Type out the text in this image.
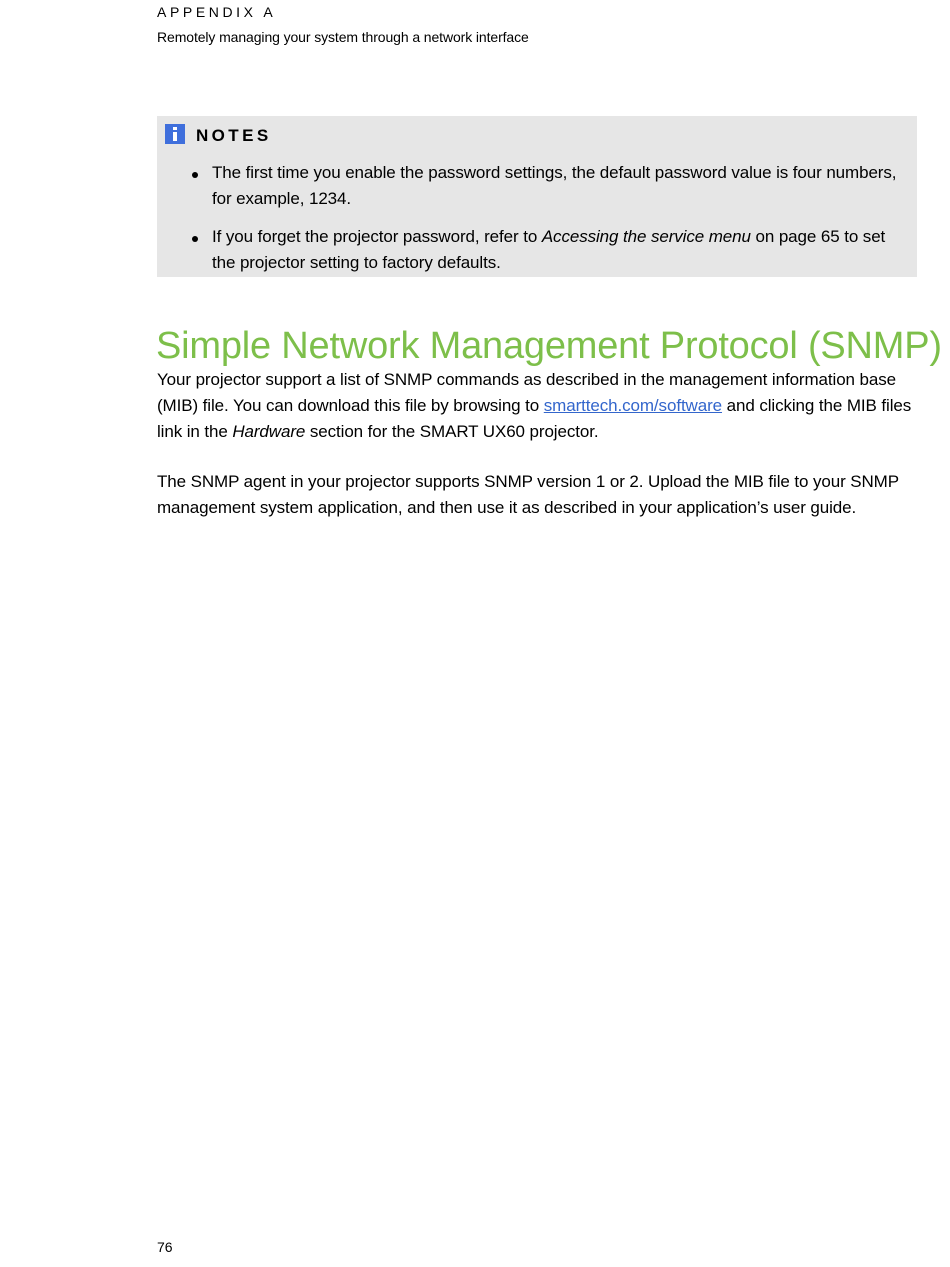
APPENDIX A
Remotely managing your system through a network interface
NOTES
The first time you enable the password settings, the default password value is four numbers, for example, 1234.
If you forget the projector password, refer to Accessing the service menu on page 65 to set the projector setting to factory defaults.
Simple Network Management Protocol (SNMP)
Your projector support a list of SNMP commands as described in the management information base (MIB) file. You can download this file by browsing to smarttech.com/software and clicking the MIB files link in the Hardware section for the SMART UX60 projector.
The SNMP agent in your projector supports SNMP version 1 or 2. Upload the MIB file to your SNMP management system application, and then use it as described in your application’s user guide.
76
